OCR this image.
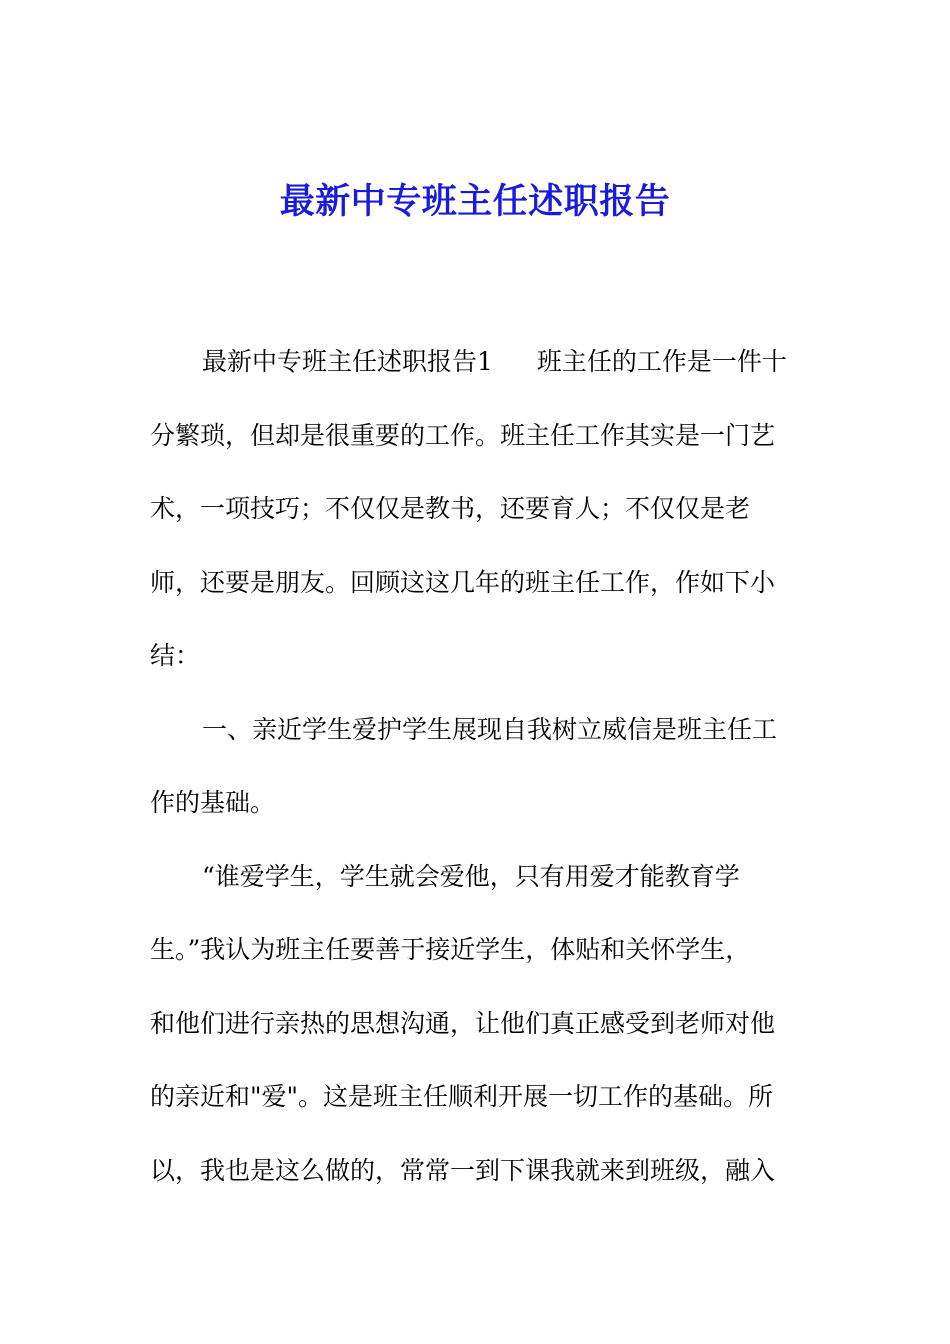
最新中专班主任述职报告
最新中专班主任述职报告1 班主任的工作是一件十
分繁琐，但却是很重要的工作。班主任工作其实是一门艺
术，一项技巧；不仅仅是教书，还要育人；不仅仅是老
师，还要是朋友。回顾这这几年的班主任工作，作如下小
结：
一、亲近学生爱护学生展现自我树立威信是班主任工
作的基础。
“谁爱学生，学生就会爱他，只有用爱才能教育学
生。”我认为班主任要善于接近学生，体贴和关怀学生，
和他们进行亲热的思想沟通，让他们真正感受到老师对他
的亲近和"爱"。这是班主任顺利开展一切工作的基础。所
以，我也是这么做的，常常一到下课我就来到班级，融入
